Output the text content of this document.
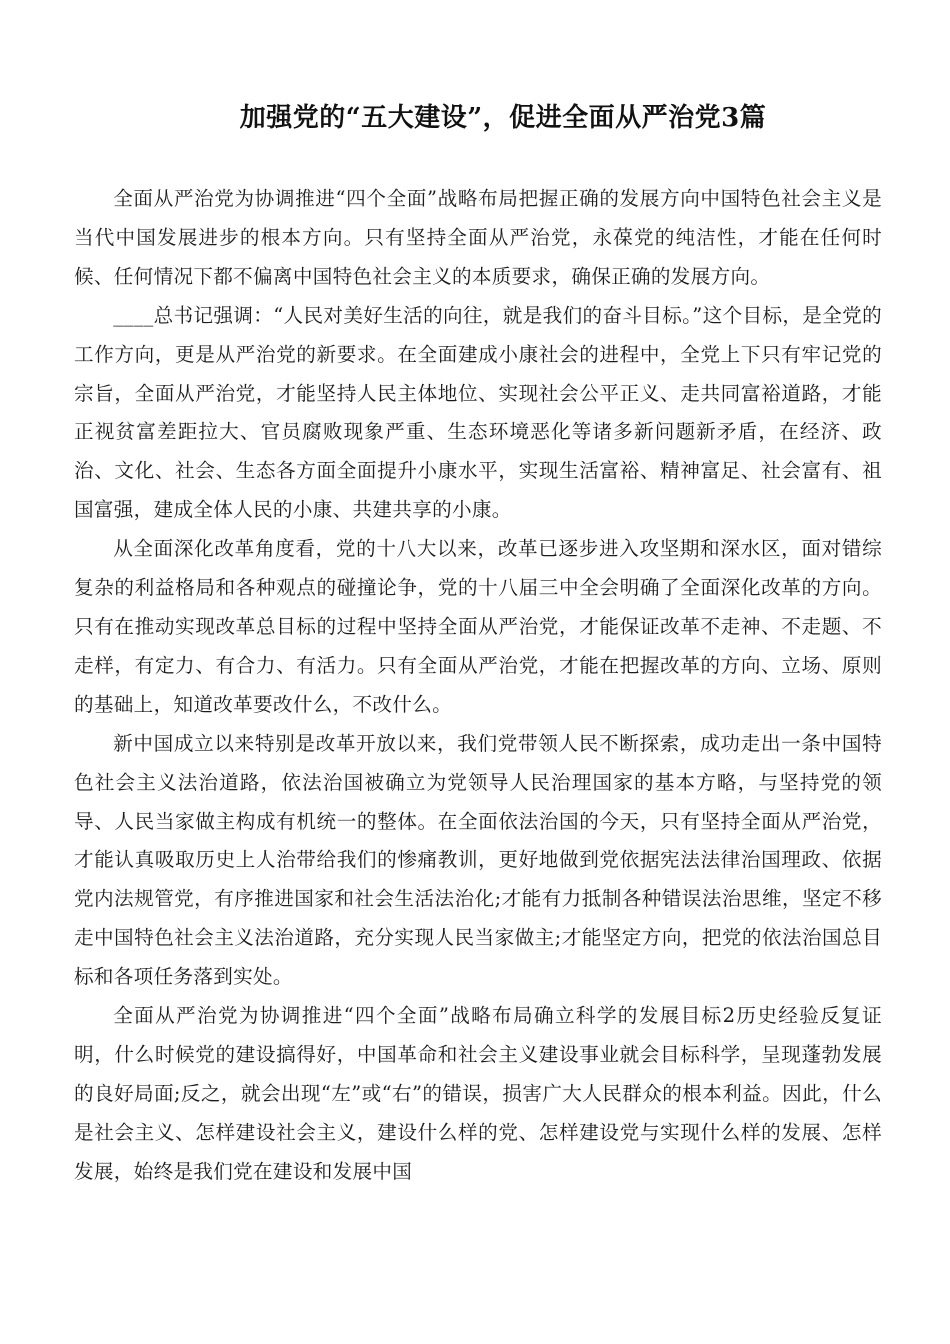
加强党的“五大建设”，促进全面从严治党3篇

全面从严治党为协调推进“四个全面”战略布局把握正确的发展方向中国特色社会主义是当代中国发展进步的根本方向。只有坚持全面从严治党，永葆党的纯洁性，才能在任何时候、任何情况下都不偏离中国特色社会主义的本质要求，确保正确的发展方向。

____总书记强调：“人民对美好生活的向往，就是我们的奋斗目标。”这个目标，是全党的工作方向，更是从严治党的新要求。在全面建成小康社会的进程中，全党上下只有牢记党的宗旨，全面从严治党，才能坚持人民主体地位、实现社会公平正义、走共同富裕道路，才能正视贫富差距拉大、官员腐败现象严重、生态环境恶化等诸多新问题新矛盾，在经济、政治、文化、社会、生态各方面全面提升小康水平，实现生活富裕、精神富足、社会富有、祖国富强，建成全体人民的小康、共建共享的小康。

从全面深化改革角度看，党的十八大以来，改革已逐步进入攻坚期和深水区，面对错综复杂的利益格局和各种观点的碰撞论争，党的十八届三中全会明确了全面深化改革的方向。只有在推动实现改革总目标的过程中坚持全面从严治党，才能保证改革不走神、不走题、不走样，有定力、有合力、有活力。只有全面从严治党，才能在把握改革的方向、立场、原则的基础上，知道改革要改什么，不改什么。

新中国成立以来特别是改革开放以来，我们党带领人民不断探索，成功走出一条中国特色社会主义法治道路，依法治国被确立为党领导人民治理国家的基本方略，与坚持党的领导、人民当家做主构成有机统一的整体。在全面依法治国的今天，只有坚持全面从严治党，才能认真吸取历史上人治带给我们的惨痛教训，更好地做到党依据宪法法律治国理政、依据党内法规管党，有序推进国家和社会生活法治化;才能有力抵制各种错误法治思维，坚定不移走中国特色社会主义法治道路，充分实现人民当家做主;才能坚定方向，把党的依法治国总目标和各项任务落到实处。

全面从严治党为协调推进“四个全面”战略布局确立科学的发展目标2历史经验反复证明，什么时候党的建设搞得好，中国革命和社会主义建设事业就会目标科学，呈现蓬勃发展的良好局面;反之，就会出现“左”或“右”的错误，损害广大人民群众的根本利益。因此，什么是社会主义、怎样建设社会主义，建设什么样的党、怎样建设党与实现什么样的发展、怎样发展，始终是我们党在建设和发展中国
